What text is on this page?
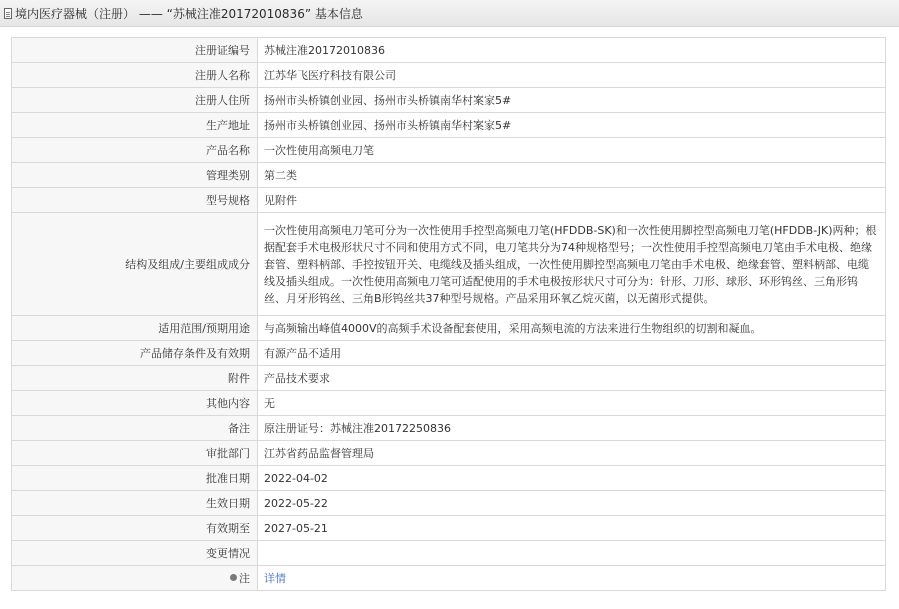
境内医疗器械（注册） —— “苏械注准20172010836” 基本信息
注册证编号	苏械注准20172010836
注册人名称	江苏华飞医疗科技有限公司
注册人住所	扬州市头桥镇创业园、扬州市头桥镇南华村案家5#
生产地址	扬州市头桥镇创业园、扬州市头桥镇南华村案家5#
产品名称	一次性使用高频电刀笔
管理类别	第二类
型号规格	见附件
结构及组成/主要组成成分	一次性使用高频电刀笔可分为一次性使用手控型高频电刀笔(HFDDB-SK)和一次性使用脚控型高频电刀笔(HFDDB-JK)两种；根据配套手术电极形状尺寸不同和使用方式不同，电刀笔共分为74种规格型号；一次性使用手控型高频电刀笔由手术电极、绝缘套管、塑料柄部、手控按钮开关、电缆线及插头组成，一次性使用脚控型高频电刀笔由手术电极、绝缘套管、塑料柄部、电缆线及插头组成。一次性使用高频电刀笔可适配使用的手术电极按形状尺寸可分为：针形、刀形、球形、环形钨丝、三角形钨丝、月牙形钨丝、三角B形钨丝共37种型号规格。产品采用环氧乙烷灭菌，以无菌形式提供。
适用范围/预期用途	与高频输出峰值4000V的高频手术设备配套使用，采用高频电流的方法来进行生物组织的切割和凝血。
产品储存条件及有效期	有源产品不适用
附件	产品技术要求
其他内容	无
备注	原注册证号：苏械注准20172250836
审批部门	江苏省药品监督管理局
批准日期	2022-04-02
生效日期	2022-05-22
有效期至	2027-05-21
变更情况	
注	详情
